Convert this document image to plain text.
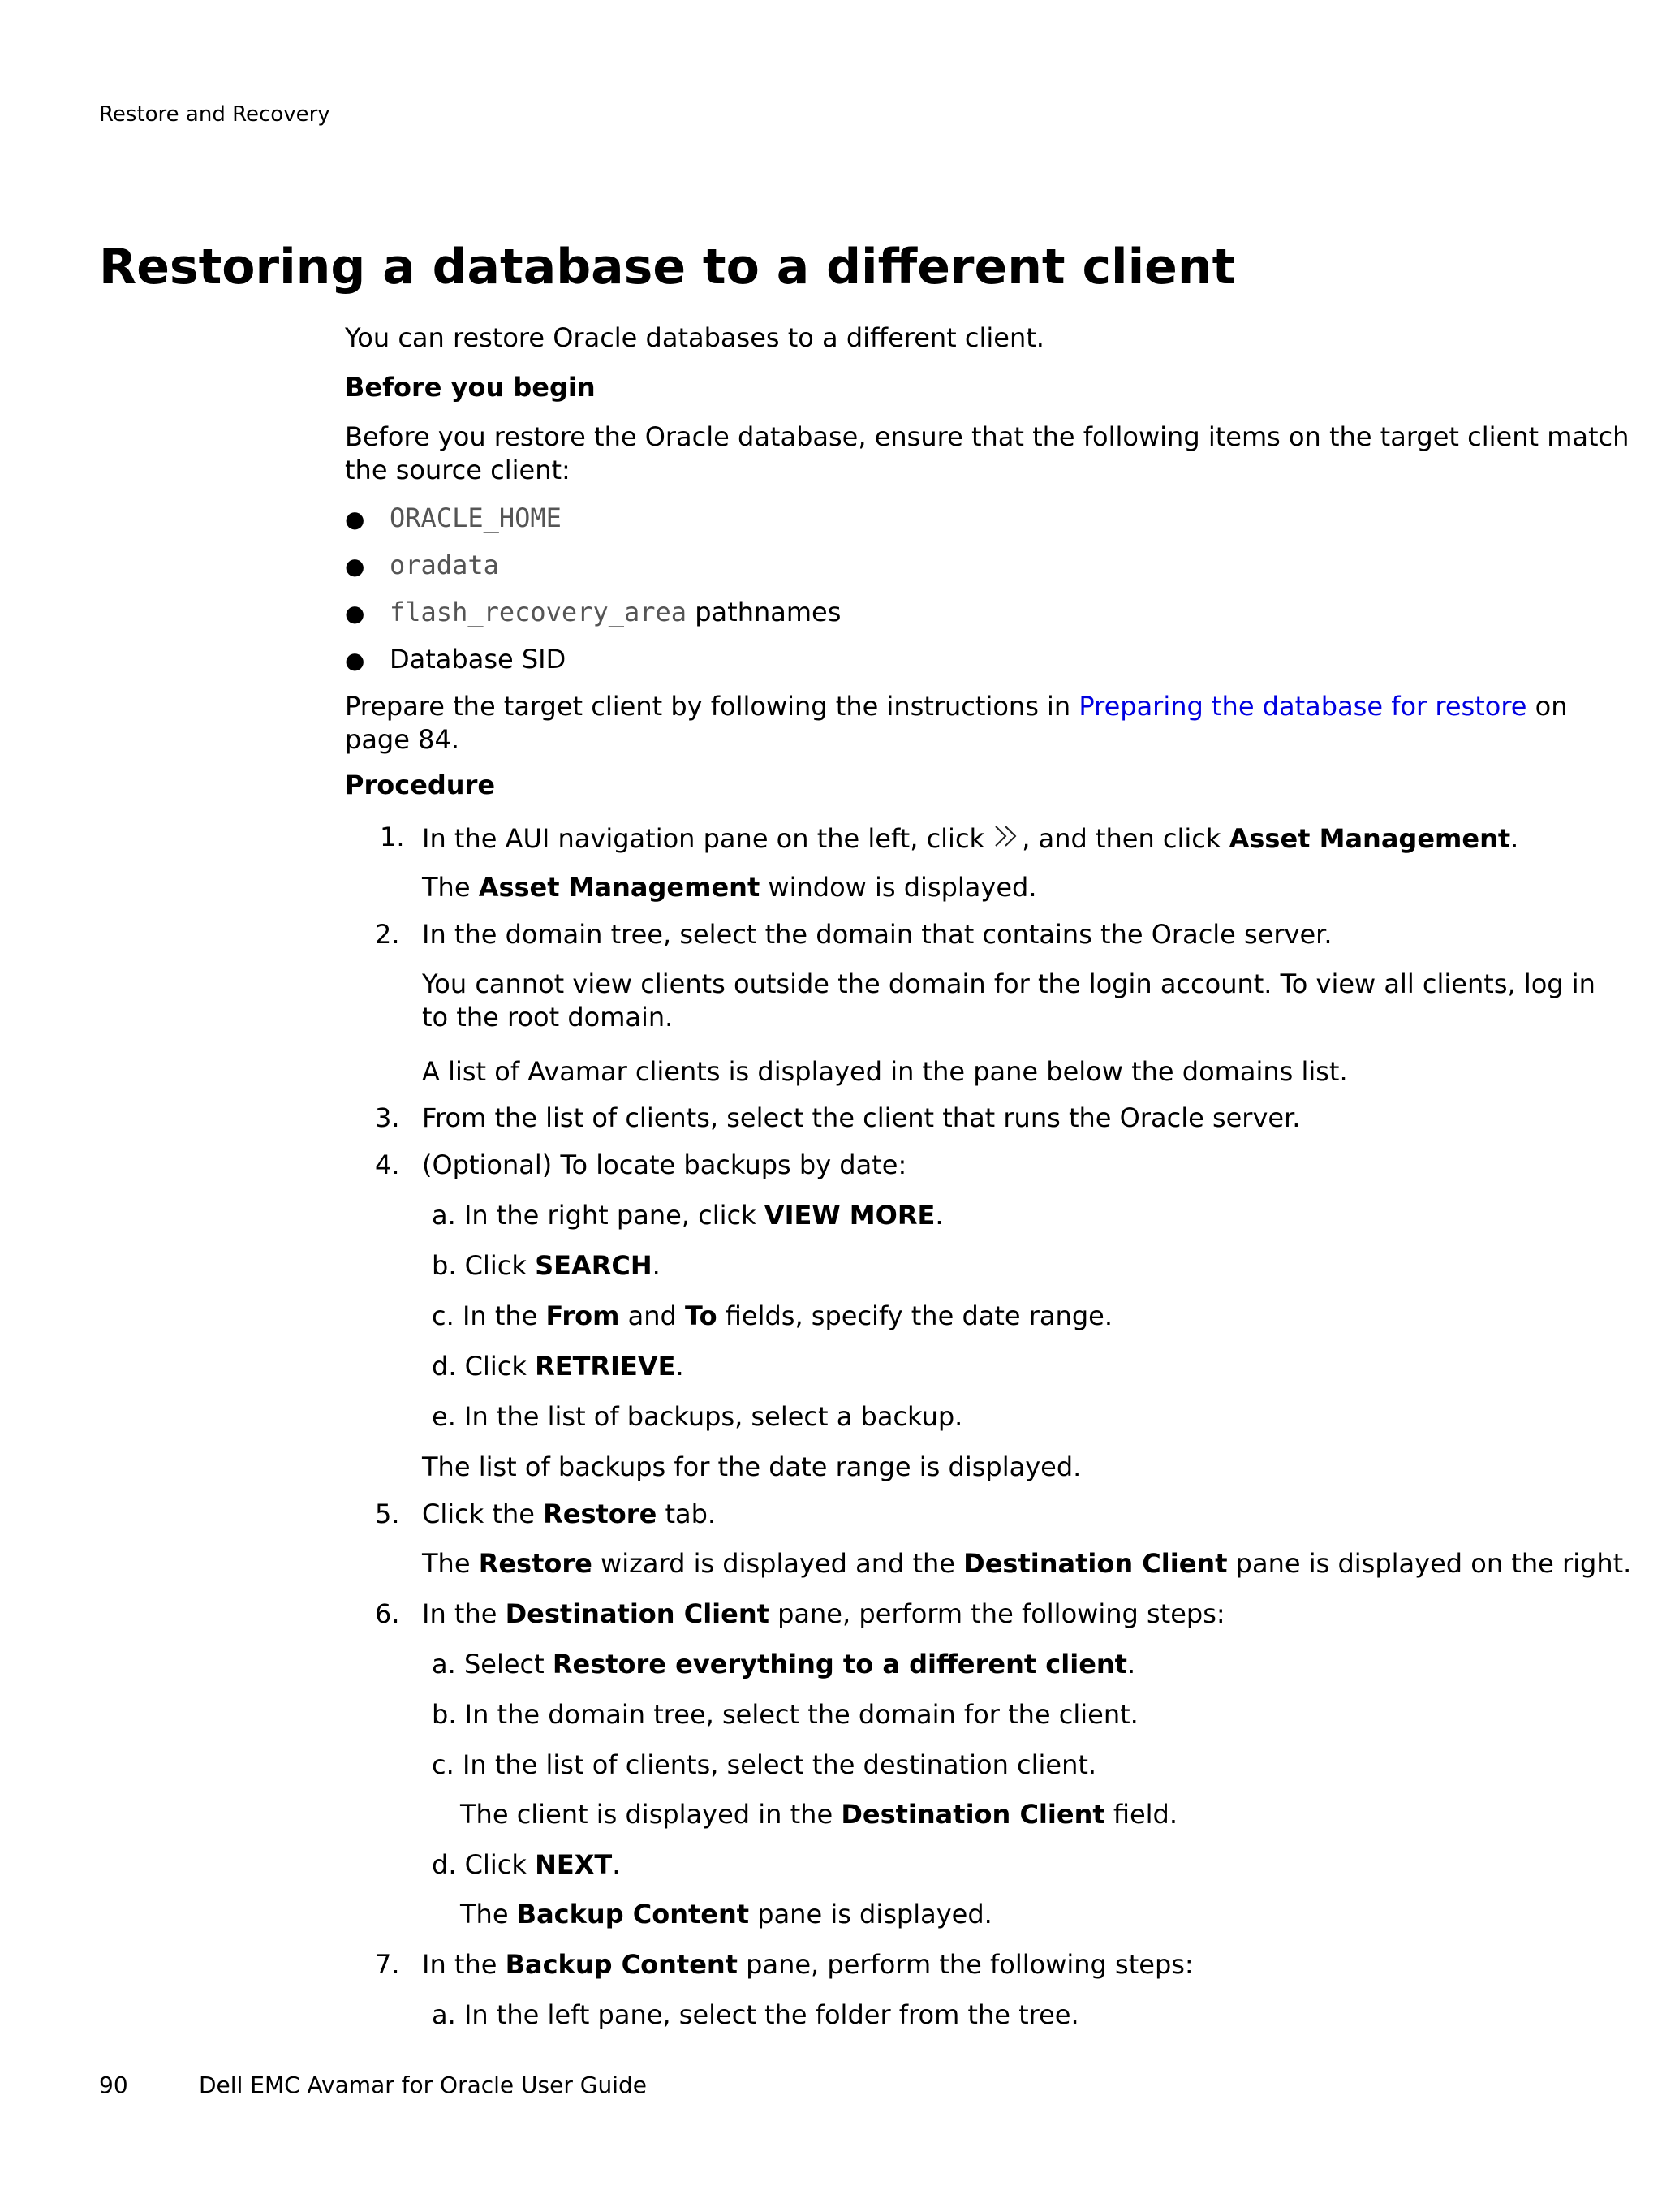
Restore and Recovery
Restoring a database to a different client
You can restore Oracle databases to a different client.
Before you begin
Before you restore the Oracle database, ensure that the following items on the target client match
the source client:
● ORACLE_HOME
● oradata
● flash_recovery_area pathnames
● Database SID
Prepare the target client by following the instructions in Preparing the database for restore on
page 84.
Procedure
1. In the AUI navigation pane on the left, click , and then click Asset Management.
The Asset Management window is displayed.
2. In the domain tree, select the domain that contains the Oracle server.
You cannot view clients outside the domain for the login account. To view all clients, log in
to the root domain.
A list of Avamar clients is displayed in the pane below the domains list.
3. From the list of clients, select the client that runs the Oracle server.
4. (Optional) To locate backups by date:
a. In the right pane, click VIEW MORE.
b. Click SEARCH.
c. In the From and To fields, specify the date range.
d. Click RETRIEVE.
e. In the list of backups, select a backup.
The list of backups for the date range is displayed.
5. Click the Restore tab.
The Restore wizard is displayed and the Destination Client pane is displayed on the right.
6. In the Destination Client pane, perform the following steps:
a. Select Restore everything to a different client.
b. In the domain tree, select the domain for the client.
c. In the list of clients, select the destination client.
The client is displayed in the Destination Client field.
d. Click NEXT.
The Backup Content pane is displayed.
7. In the Backup Content pane, perform the following steps:
a. In the left pane, select the folder from the tree.
90	Dell EMC Avamar for Oracle User Guide
